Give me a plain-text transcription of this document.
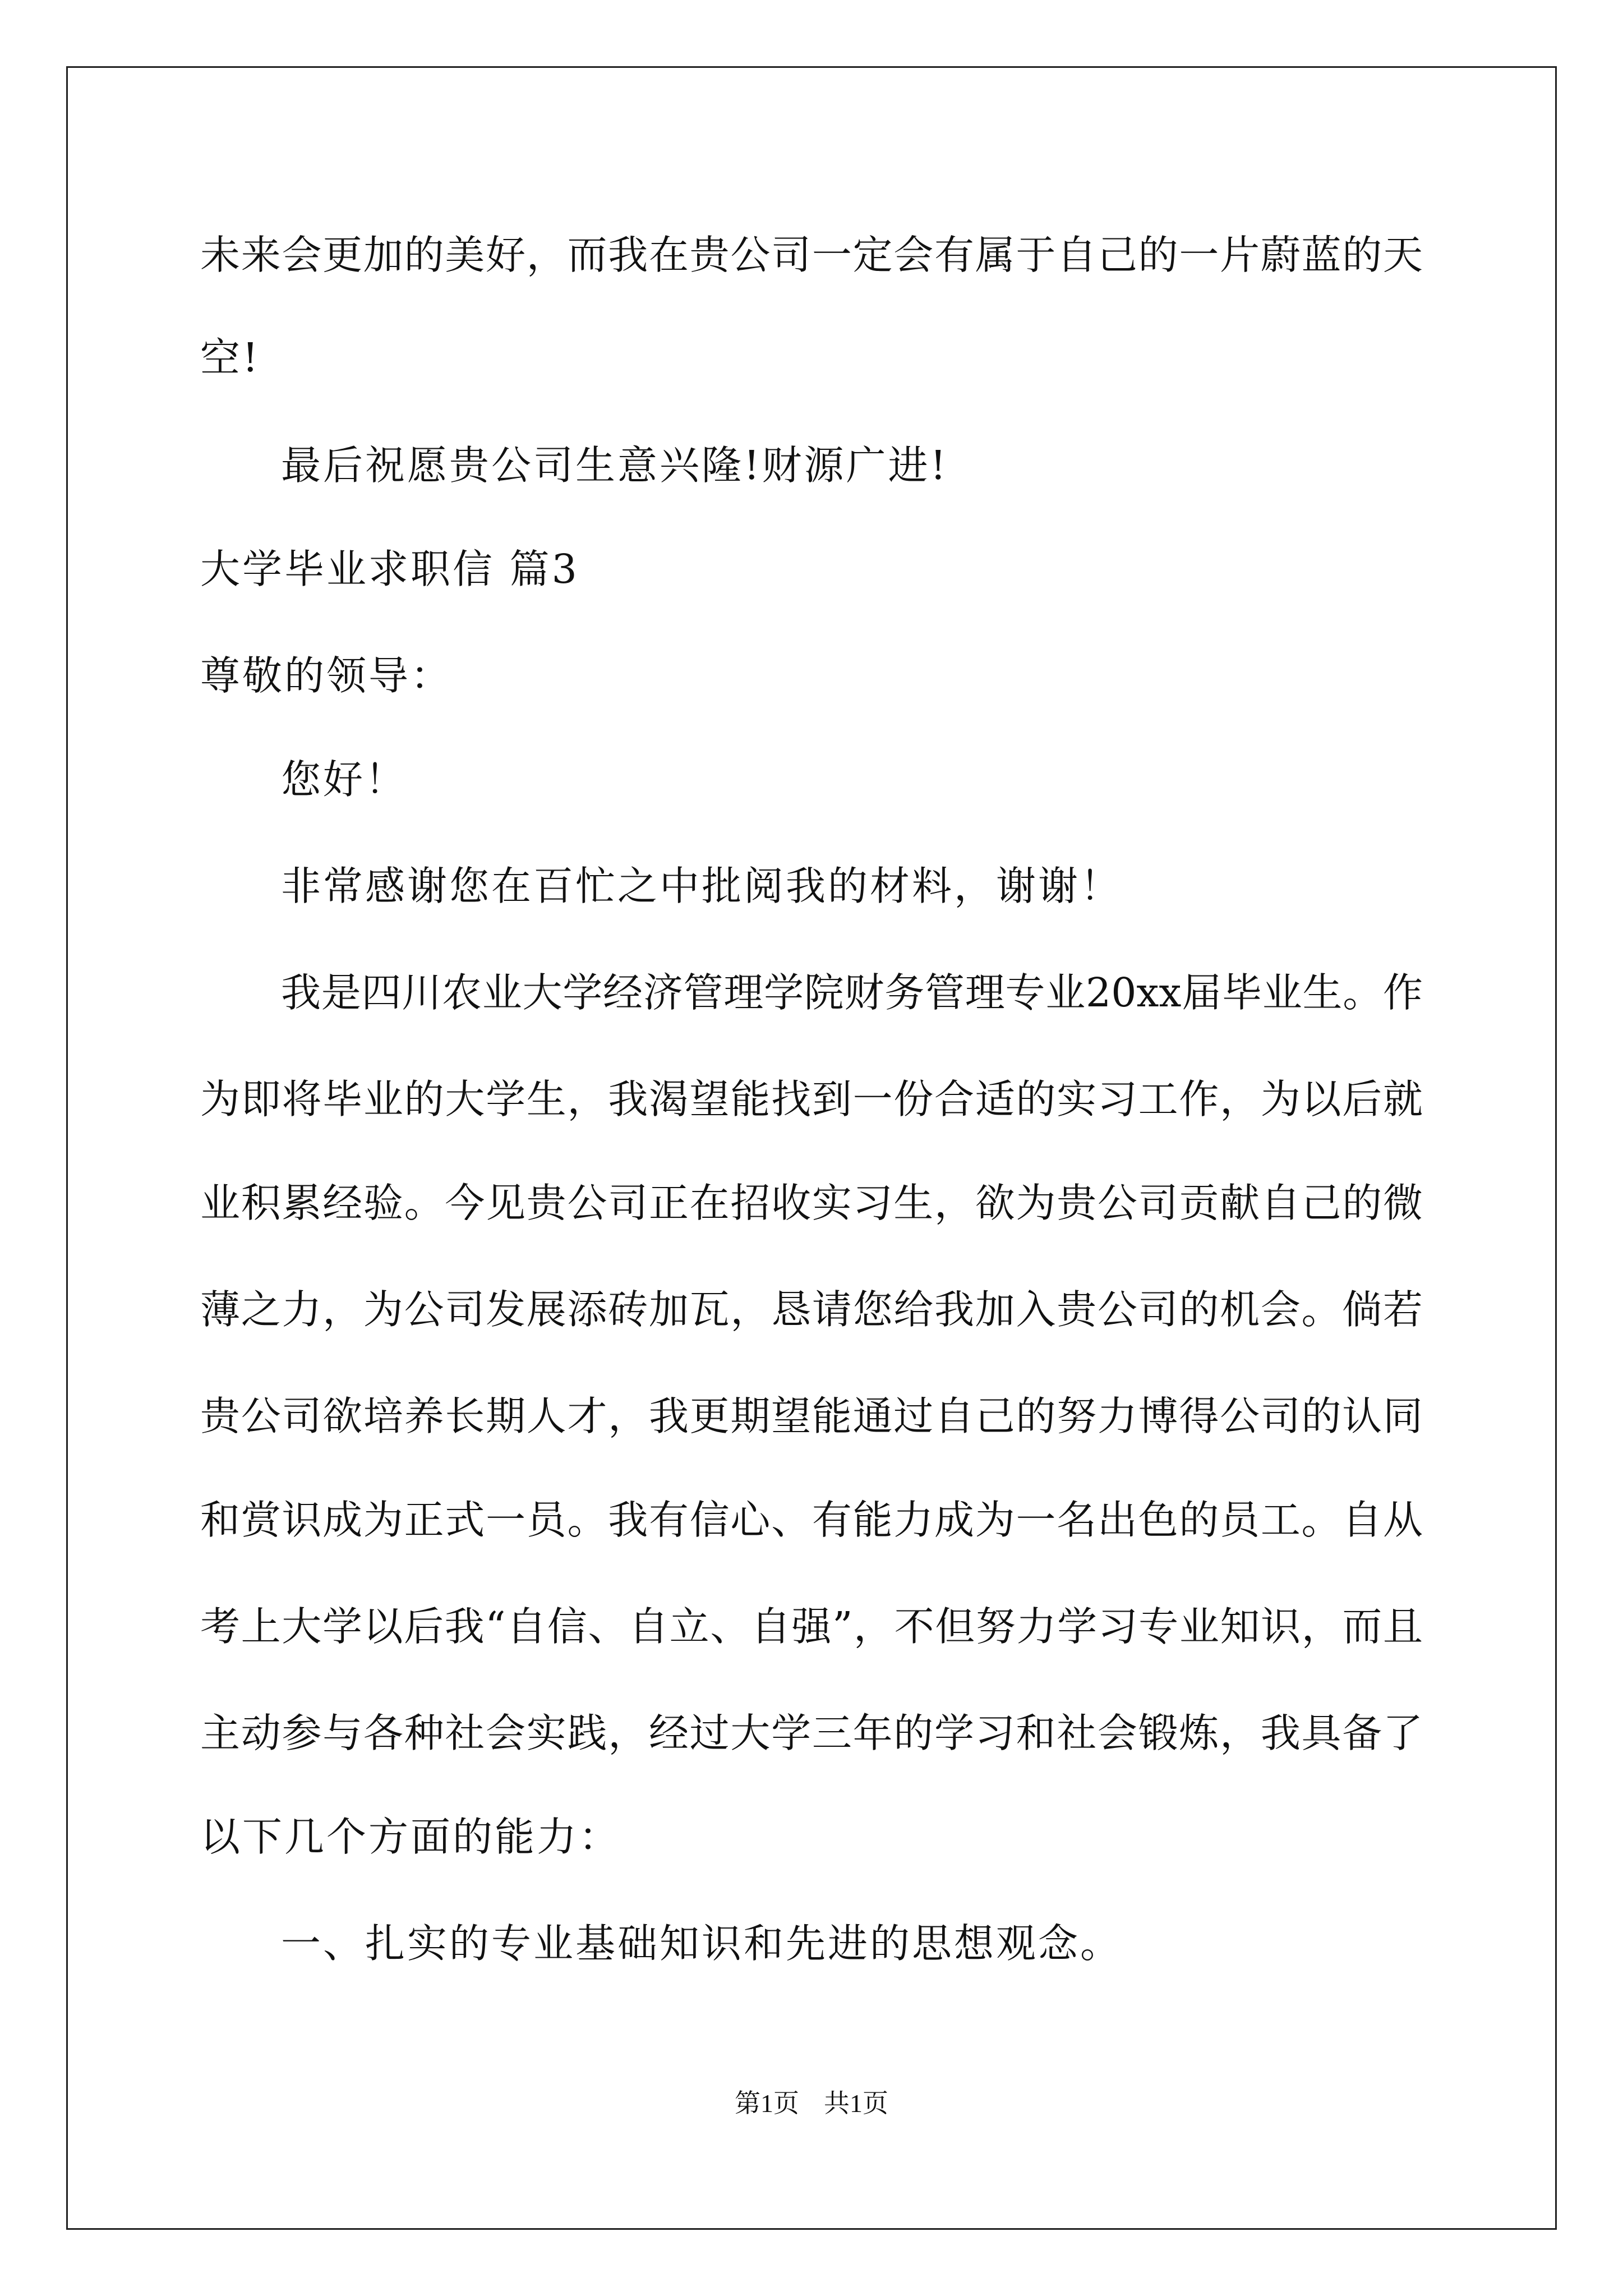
未来会更加的美好，而我在贵公司一定会有属于自己的一片蔚蓝的天
空!
最后祝愿贵公司生意兴隆!财源广进!
大学毕业求职信 篇3
尊敬的领导：
您好！
非常感谢您在百忙之中批阅我的材料，谢谢！
我是四川农业大学经济管理学院财务管理专业20xx届毕业生。作
为即将毕业的大学生，我渴望能找到一份合适的实习工作，为以后就
业积累经验。今见贵公司正在招收实习生，欲为贵公司贡献自己的微
薄之力，为公司发展添砖加瓦，恳请您给我加入贵公司的机会。倘若
贵公司欲培养长期人才，我更期望能通过自己的努力博得公司的认同
和赏识成为正式一员。我有信心、有能力成为一名出色的员工。自从
考上大学以后我“自信、自立、自强”，不但努力学习专业知识，而且
主动参与各种社会实践，经过大学三年的学习和社会锻炼，我具备了
以下几个方面的能力：
一、扎实的专业基础知识和先进的思想观念。
第1页 共1页
